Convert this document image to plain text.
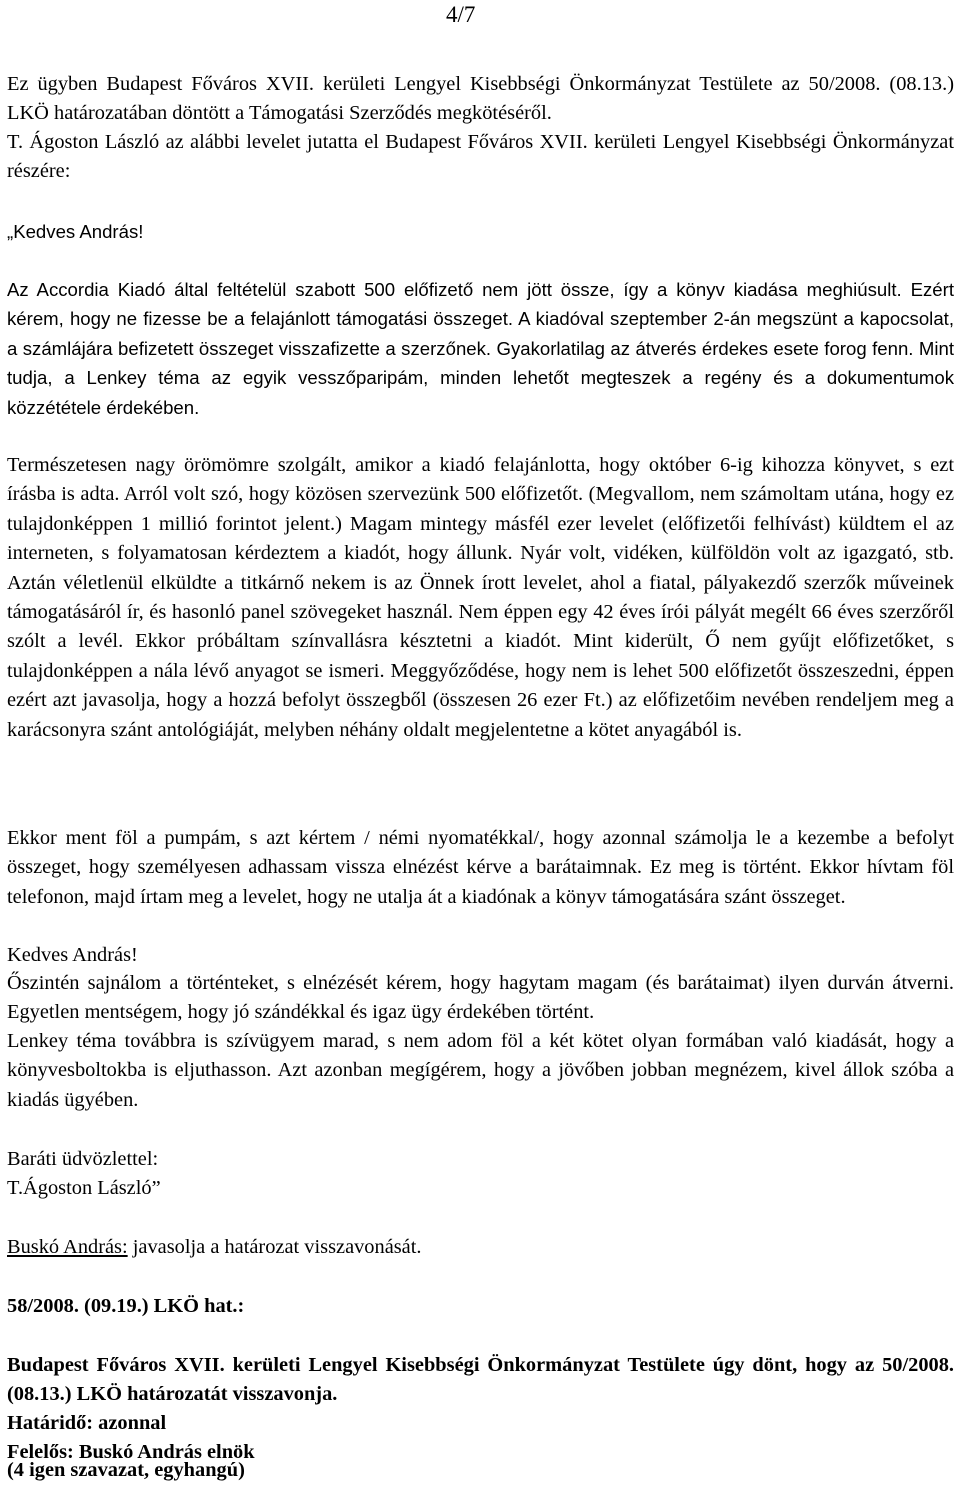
4/7

Ez ügyben Budapest Főváros XVII. kerületi Lengyel Kisebbségi Önkormányzat Testülete az 50/2008. (08.13.) LKÖ határozatában döntött a Támogatási Szerződés megkötéséről.

T. Ágoston László az alábbi levelet jutatta el Budapest Főváros XVII. kerületi Lengyel Kisebbségi Önkormányzat részére:

„Kedves András!

Az Accordia Kiadó által feltételül szabott 500 előfizető nem jött össze, így a könyv kiadása meghiúsult. Ezért kérem, hogy ne fizesse be a felajánlott támogatási összeget. A kiadóval szeptember 2-án megszünt a kapocsolat, a számlájára befizetett összeget visszafizette a szerzőnek. Gyakorlatilag az átverés érdekes esete forog fenn. Mint tudja, a Lenkey téma az egyik vesszőparipám, minden lehetőt megteszek a regény és a dokumentumok közzététele érdekében.

Természetesen nagy örömömre szolgált, amikor a kiadó felajánlotta, hogy október 6-ig kihozza könyvet, s ezt írásba is adta. Arról volt szó, hogy közösen szervezünk 500 előfizetőt. (Megvallom, nem számoltam utána, hogy ez tulajdonképpen 1 millió forintot jelent.) Magam mintegy másfél ezer levelet (előfizetői felhívást) küldtem el az interneten, s folyamatosan kérdeztem a kiadót, hogy állunk. Nyár volt, vidéken, külföldön volt az igazgató, stb. Aztán véletlenül elküldte a titkárnő nekem is az Önnek írott levelet, ahol a fiatal, pályakezdő szerzők műveinek támogatásáról ír, és hasonló panel szövegeket használ. Nem éppen egy 42 éves írói pályát megélt 66 éves szerzőről szólt a levél. Ekkor próbáltam színvallásra késztetni a kiadót. Mint kiderült, Ő nem gyűjt előfizetőket, s tulajdonképpen a nála lévő anyagot se ismeri. Meggyőződése, hogy nem is lehet 500 előfizetőt összeszedni, éppen ezért azt javasolja, hogy a hozzá befolyt összegből (összesen 26 ezer Ft.) az előfizetőim nevében rendeljem meg a karácsonyra szánt antológiáját, melyben néhány oldalt megjelentetne a kötet anyagából is.

Ekkor ment föl a pumpám, s azt kértem / némi nyomatékkal/, hogy azonnal számolja le a kezembe a befolyt összeget, hogy személyesen adhassam vissza elnézést kérve a barátaimnak. Ez meg is történt. Ekkor hívtam föl telefonon, majd írtam meg a levelet, hogy ne utalja át a kiadónak a könyv támogatására szánt összeget.

Kedves András!

Őszintén sajnálom a történteket, s elnézését kérem, hogy hagytam magam (és barátaimat) ilyen durván átverni. Egyetlen mentségem, hogy jó szándékkal és igaz ügy érdekében történt.

Lenkey téma továbbra is szívügyem marad, s nem adom föl a két kötet olyan formában való kiadását, hogy a könyvesboltokba is eljuthasson. Azt azonban megígérem, hogy a jövőben jobban megnézem, kivel állok szóba a kiadás ügyében.

Baráti üdvözlettel:

T.Ágoston László”

Buskó András: javasolja a határozat visszavonását.

58/2008. (09.19.) LKÖ hat.:

Budapest Főváros XVII. kerületi Lengyel Kisebbségi Önkormányzat Testülete úgy dönt, hogy az 50/2008. (08.13.) LKÖ határozatát visszavonja.

Határidő: azonnal

Felelős: Buskó András elnök

(4 igen szavazat, egyhangú)
